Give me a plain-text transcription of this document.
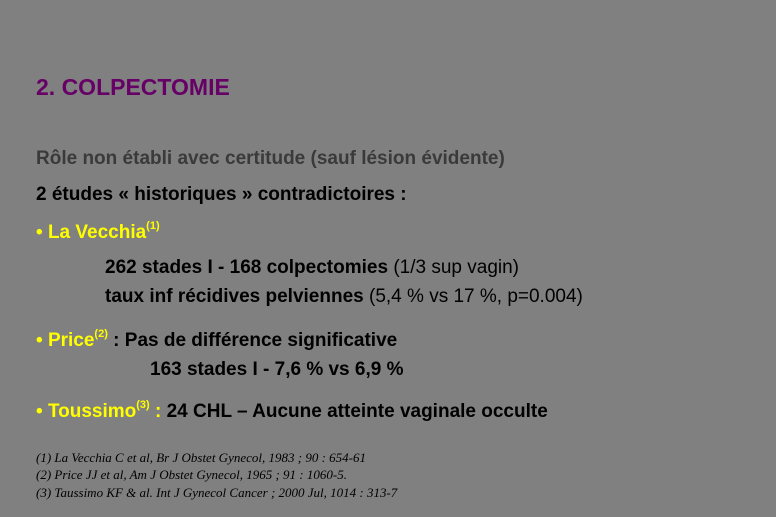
2. COLPECTOMIE
Rôle non établi avec certitude (sauf lésion évidente)
2 études « historiques » contradictoires :
• La Vecchia$^{(1)}$
262 stades I - 168 colpectomies (1/3 sup vagin)
taux inf récidives pelviennes (5,4 % vs 17 %, p=0.004)
• Price$^{(2)}$ : Pas de différence significative
163 stades I - 7,6 % vs 6,9 %
• Toussimo$^{(3)}$ : 24 CHL – Aucune atteinte vaginale occulte
(1) La Vecchia C et al, Br J Obstet Gynecol, 1983 ; 90 : 654-61
(2) Price JJ et al, Am J Obstet Gynecol, 1965 ; 91 : 1060-5.
(3) Taussimo KF & al. Int J Gynecol Cancer ; 2000 Jul, 1014 : 313-7
